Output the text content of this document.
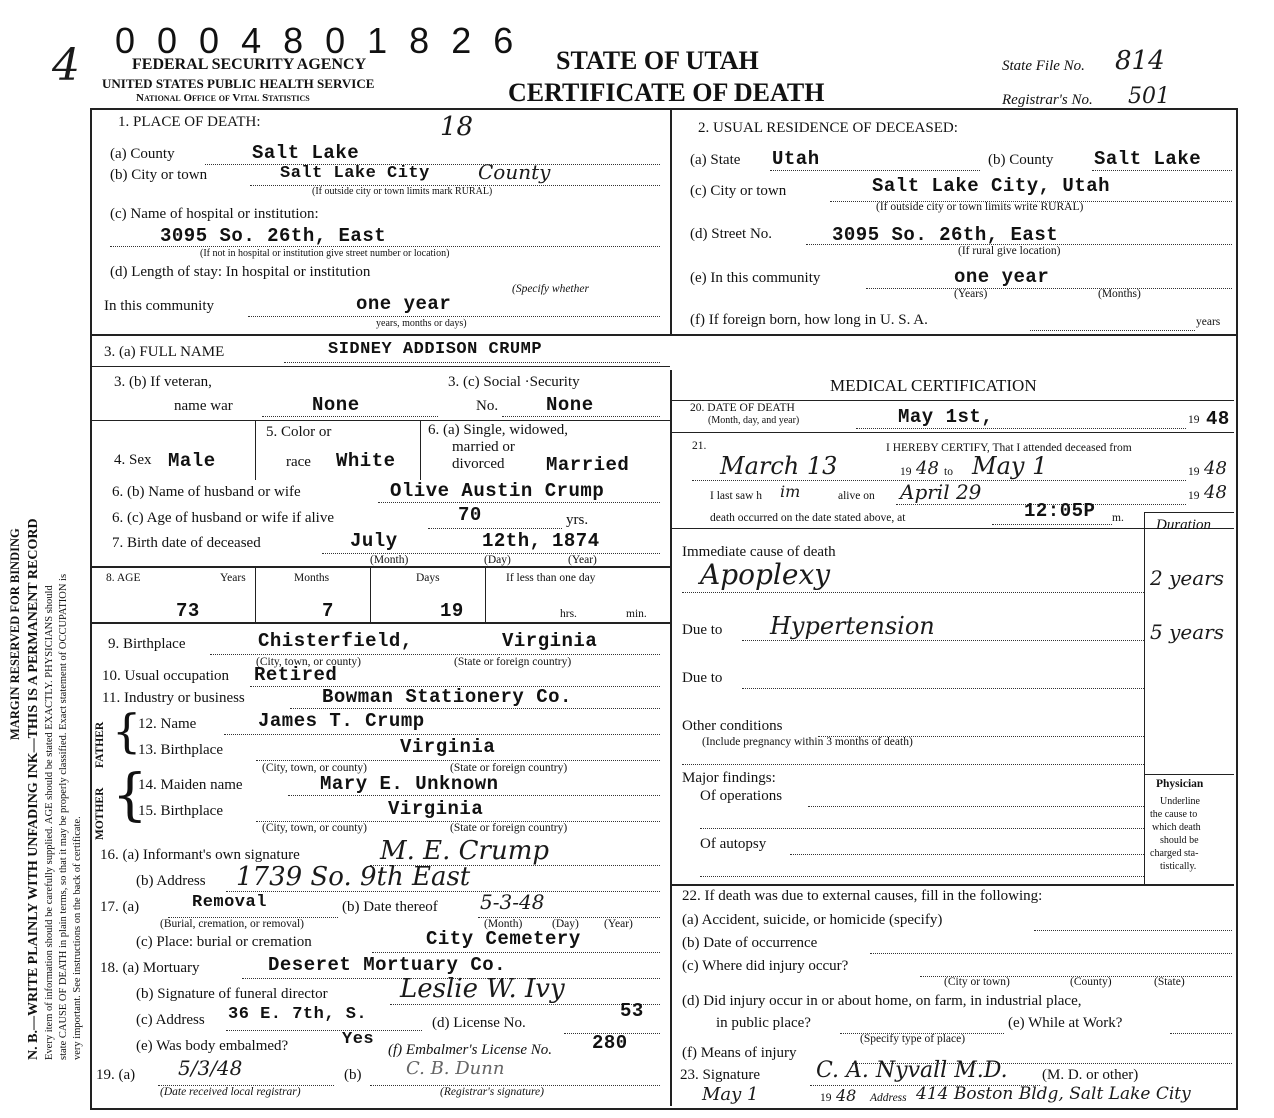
4 0 0 0 4 8 0 1 8 2 6
FEDERAL SECURITY AGENCY
UNITED STATES PUBLIC HEALTH SERVICE
National Office of Vital Statistics
STATE OF UTAH
CERTIFICATE OF DEATH
State File No. 814
Registrar's No. 501
MARGIN RESERVED FOR BINDING N. B.—WRITE PLAINLY WITH UNFADING INK—THIS IS A PERMANENT RECORD Every item of information should be carefully supplied. AGE should be stated EXACTLY. PHYSICIANS should state CAUSE OF DEATH in plain terms, so that it may be properly classified. Exact statement of OCCUPATION is very important. See instructions on the back of certificate.
1. PLACE OF DEATH:	18
(a) County	Salt Lake
(b) City or town	Salt Lake City County
(If outside city or town limits mark RURAL)
(c) Name of hospital or institution:
3095 So. 26th, East
(If not in hospital or institution give street number or location)
(d) Length of stay: In hospital or institution
(Specify whether
In this community	one year
years, months or days)
2. USUAL RESIDENCE OF DECEASED:
(a) State Utah	(b) County Salt Lake
(c) City or town	Salt Lake City, Utah
(If outside city or town limits write RURAL)
(d) Street No.	3095 So. 26th, East
(If rural give location)
(e) In this community	one year
(Years)	(Months)
(f) If foreign born, how long in U. S. A.	years
3. (a) FULL NAME	SIDNEY ADDISON CRUMP
3. (b) If veteran,
name war	None
3. (c) Social ·Security
No.	None
4. Sex Male
5. Color or
race White
6. (a) Single, widowed,
married or
divorced Married
6. (b) Name of husband or wife	Olive Austin Crump
6. (c) Age of husband or wife if alive	70	yrs.
7. Birth date of deceased	July	12th, 1874
(Month)	(Day)	(Year)
8. AGE	Years	Months	Days	If less than one day
73	7	19	hrs.	min.
9. Birthplace	Chisterfield,	Virginia
(City, town, or county)	(State or foreign country)
10. Usual occupation Retired
11. Industry or business	Bowman Stationery Co.
FATHER
MOTHER
{
{
12. Name	James T. Crump
13. Birthplace	Virginia
(City, town, or county)	(State or foreign country)
14. Maiden name	Mary E. Unknown
15. Birthplace	Virginia
(City, town, or county)	(State or foreign country)
16. (a) Informant's own signature	M. E. Crump
(b) Address 1739 So. 9th East
17. (a)	Removal
(Burial, cremation, or removal)
(b) Date thereof 5-3-48
(Month)	(Day) (Year)
(c) Place: burial or cremation	City Cemetery
18. (a) Mortuary	Deseret Mortuary Co.
(b) Signature of funeral director	Leslie W. Ivy
(c) Address 36 E. 7th, S.	(d) License No.
53
(e) Was body embalmed?	Yes
(f) Embalmer's License No. 280
19. (a) 5/3/48
(Date received local registrar)
(b) C. B. Dunn
(Registrar's signature)
MEDICAL CERTIFICATION
20. DATE OF DEATH
(Month, day, and year)	May 1st,	19 48
21.	I HEREBY CERTIFY, That I attended deceased from
March 13	19 48 to May 1	19 48
I last saw h im	alive on April 29	19 48
death occurred on the date stated above, at	12:05P m. Duration
Immediate cause of death
Apoplexy	2 years
Due to Hypertension	5 years
Due to
Other conditions
(Include pregnancy within 3 months of death)
Major findings:
Of operations
Of autopsy
Physician
Underline
the cause to
which death
should be
charged sta-
tistically.
22. If death was due to external causes, fill in the following:
(a) Accident, suicide, or homicide (specify)
(b) Date of occurrence
(c) Where did injury occur?
(City or town)	(County)	(State)
(d) Did injury occur in or about home, on farm, in industrial place,
in public place?	(e) While at Work?
(Specify type of place)
(f) Means of injury
23. Signature	C. A. Nyvall M.D. (M. D. or other)
May 1	19 48 Address 414 Boston Bldg, Salt Lake City
